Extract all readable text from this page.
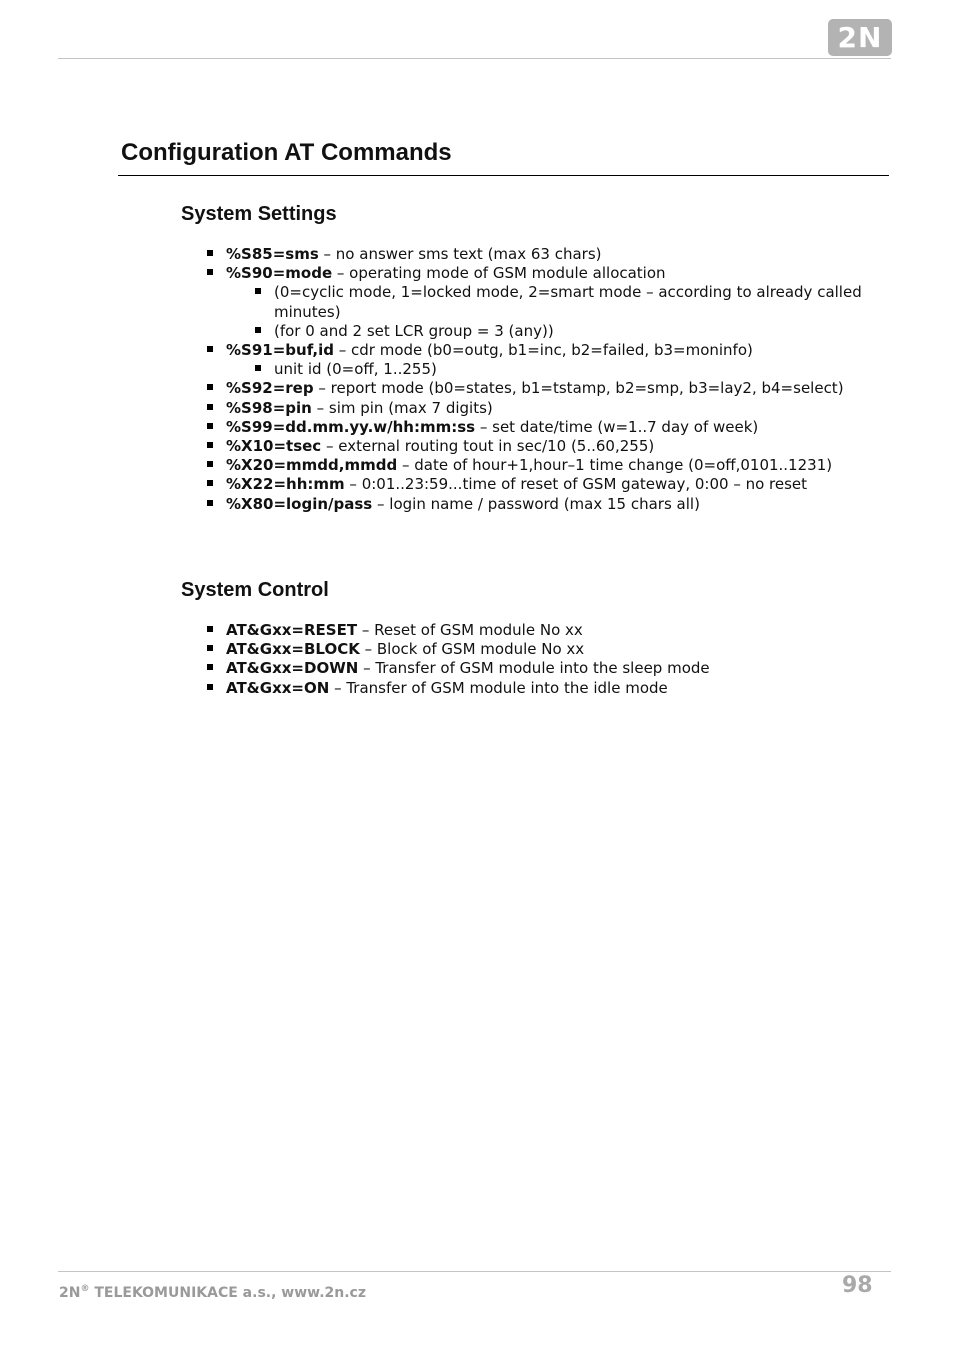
2N
Configuration AT Commands
System Settings
%S85=sms – no answer sms text (max 63 chars)
%S90=mode – operating mode of GSM module allocation
(0=cyclic mode, 1=locked mode, 2=smart mode – according to already called minutes)
(for 0 and 2 set LCR group = 3 (any))
%S91=buf,id – cdr mode (b0=outg, b1=inc, b2=failed, b3=moninfo)
unit id (0=off, 1..255)
%S92=rep – report mode (b0=states, b1=tstamp, b2=smp, b3=lay2, b4=select)
%S98=pin – sim pin (max 7 digits)
%S99=dd.mm.yy.w/hh:mm:ss – set date/time (w=1..7 day of week)
%X10=tsec – external routing tout in sec/10 (5..60,255)
%X20=mmdd,mmdd – date of hour+1,hour–1 time change (0=off,0101..1231)
%X22=hh:mm – 0:01..23:59...time of reset of GSM gateway, 0:00 – no reset
%X80=login/pass – login name / password (max 15 chars all)
System Control
AT&Gxx=RESET – Reset of GSM module No xx
AT&Gxx=BLOCK – Block of GSM module No xx
AT&Gxx=DOWN – Transfer of GSM module into the sleep mode
AT&Gxx=ON – Transfer of GSM module into the idle mode
2N® TELEKOMUNIKACE a.s., www.2n.cz	98
